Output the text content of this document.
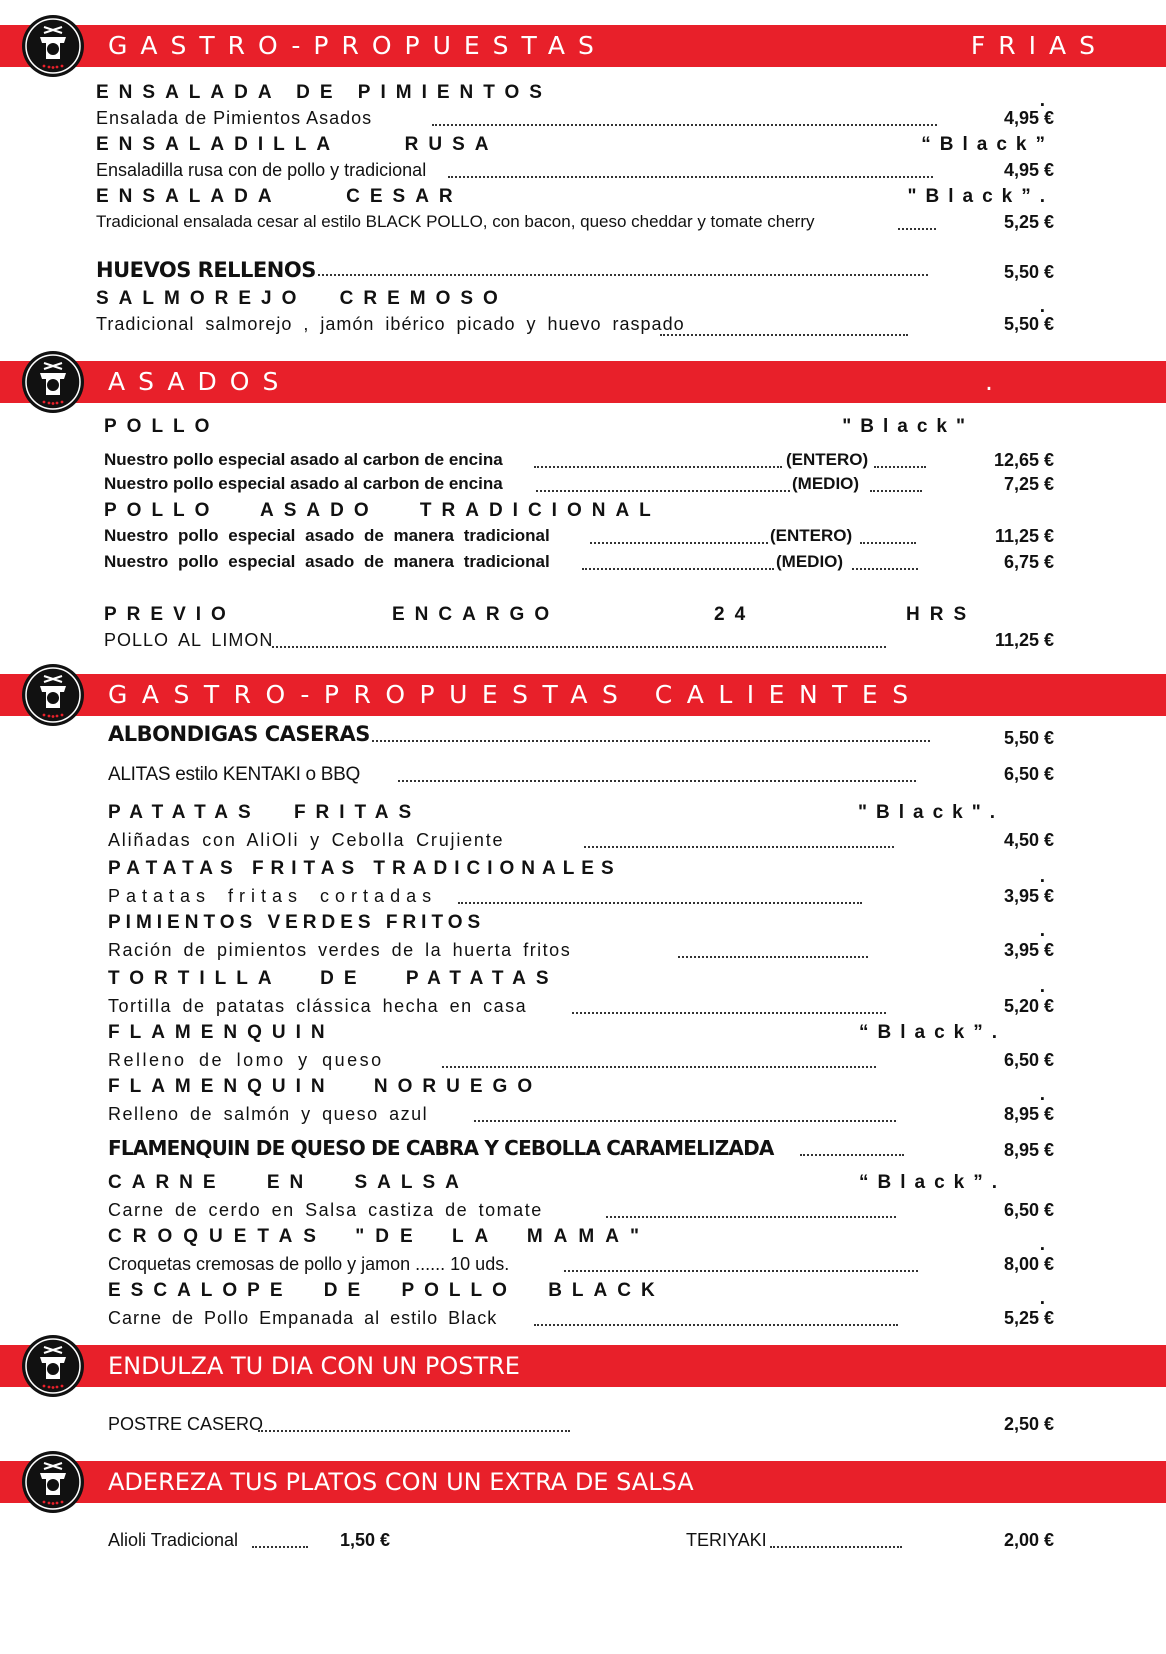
GASTRO-PROPUESTAS	FRIAS
ENSALADA DE PIMIENTOS	.
Ensalada de Pimientos Asados	4,95 €
ENSALADILLA RUSA	“Black”
Ensaladilla rusa con de pollo y tradicional	4,95 €
ENSALADA CESAR	"Black”.
Tradicional ensalada cesar al estilo BLACK POLLO, con bacon, queso cheddar y tomate cherry	5,25 €
HUEVOS RELLENOS	5,50 €
SALMOREJO CREMOSO	.
Tradicional salmorejo , jamón ibérico picado y huevo raspado	5,50 €
ASADOS	.
POLLO	"Black"
Nuestro pollo especial asado al carbon de encina	(ENTERO)	12,65 €
Nuestro pollo especial asado al carbon de encina	(MEDIO)	7,25 €
POLLO ASADO TRADICIONAL
Nuestro pollo especial asado de manera tradicional	(ENTERO)	11,25 €
Nuestro pollo especial asado de manera tradicional	(MEDIO)	6,75 €
PREVIO	ENCARGO	24	HRS
POLLO AL LIMON	11,25 €
GASTRO-PROPUESTAS CALIENTES
ALBONDIGAS CASERAS	5,50 €
ALITAS estilo KENTAKI o BBQ	6,50 €
PATATAS FRITAS	"Black".
Aliñadas con AliOli y Cebolla Crujiente	4,50 €
PATATAS FRITAS TRADICIONALES	.
Patatas fritas cortadas	3,95 €
PIMIENTOS VERDES FRITOS	.
Ración de pimientos verdes de la huerta fritos	3,95 €
TORTILLA DE PATATAS	.
Tortilla de patatas clássica hecha en casa	5,20 €
FLAMENQUIN	“Black”.
Relleno de lomo y queso	6,50 €
FLAMENQUIN NORUEGO	.
Relleno de salmón y queso azul	8,95 €
FLAMENQUIN DE QUESO DE CABRA Y CEBOLLA CARAMELIZADA	8,95 €
CARNE EN SALSA	“Black”.
Carne de cerdo en Salsa castiza de tomate	6,50 €
CROQUETAS "DE LA MAMA"	.
Croquetas cremosas de pollo y jamon ...... 10 uds.	8,00 €
ESCALOPE DE POLLO BLACK	.
Carne de Pollo Empanada al estilo Black	5,25 €
ENDULZA TU DIA CON UN POSTRE
POSTRE CASERO	2,50 €
ADEREZA TUS PLATOS CON UN EXTRA DE SALSA
Alioli Tradicional	1,50 €	TERIYAKI	2,00 €
